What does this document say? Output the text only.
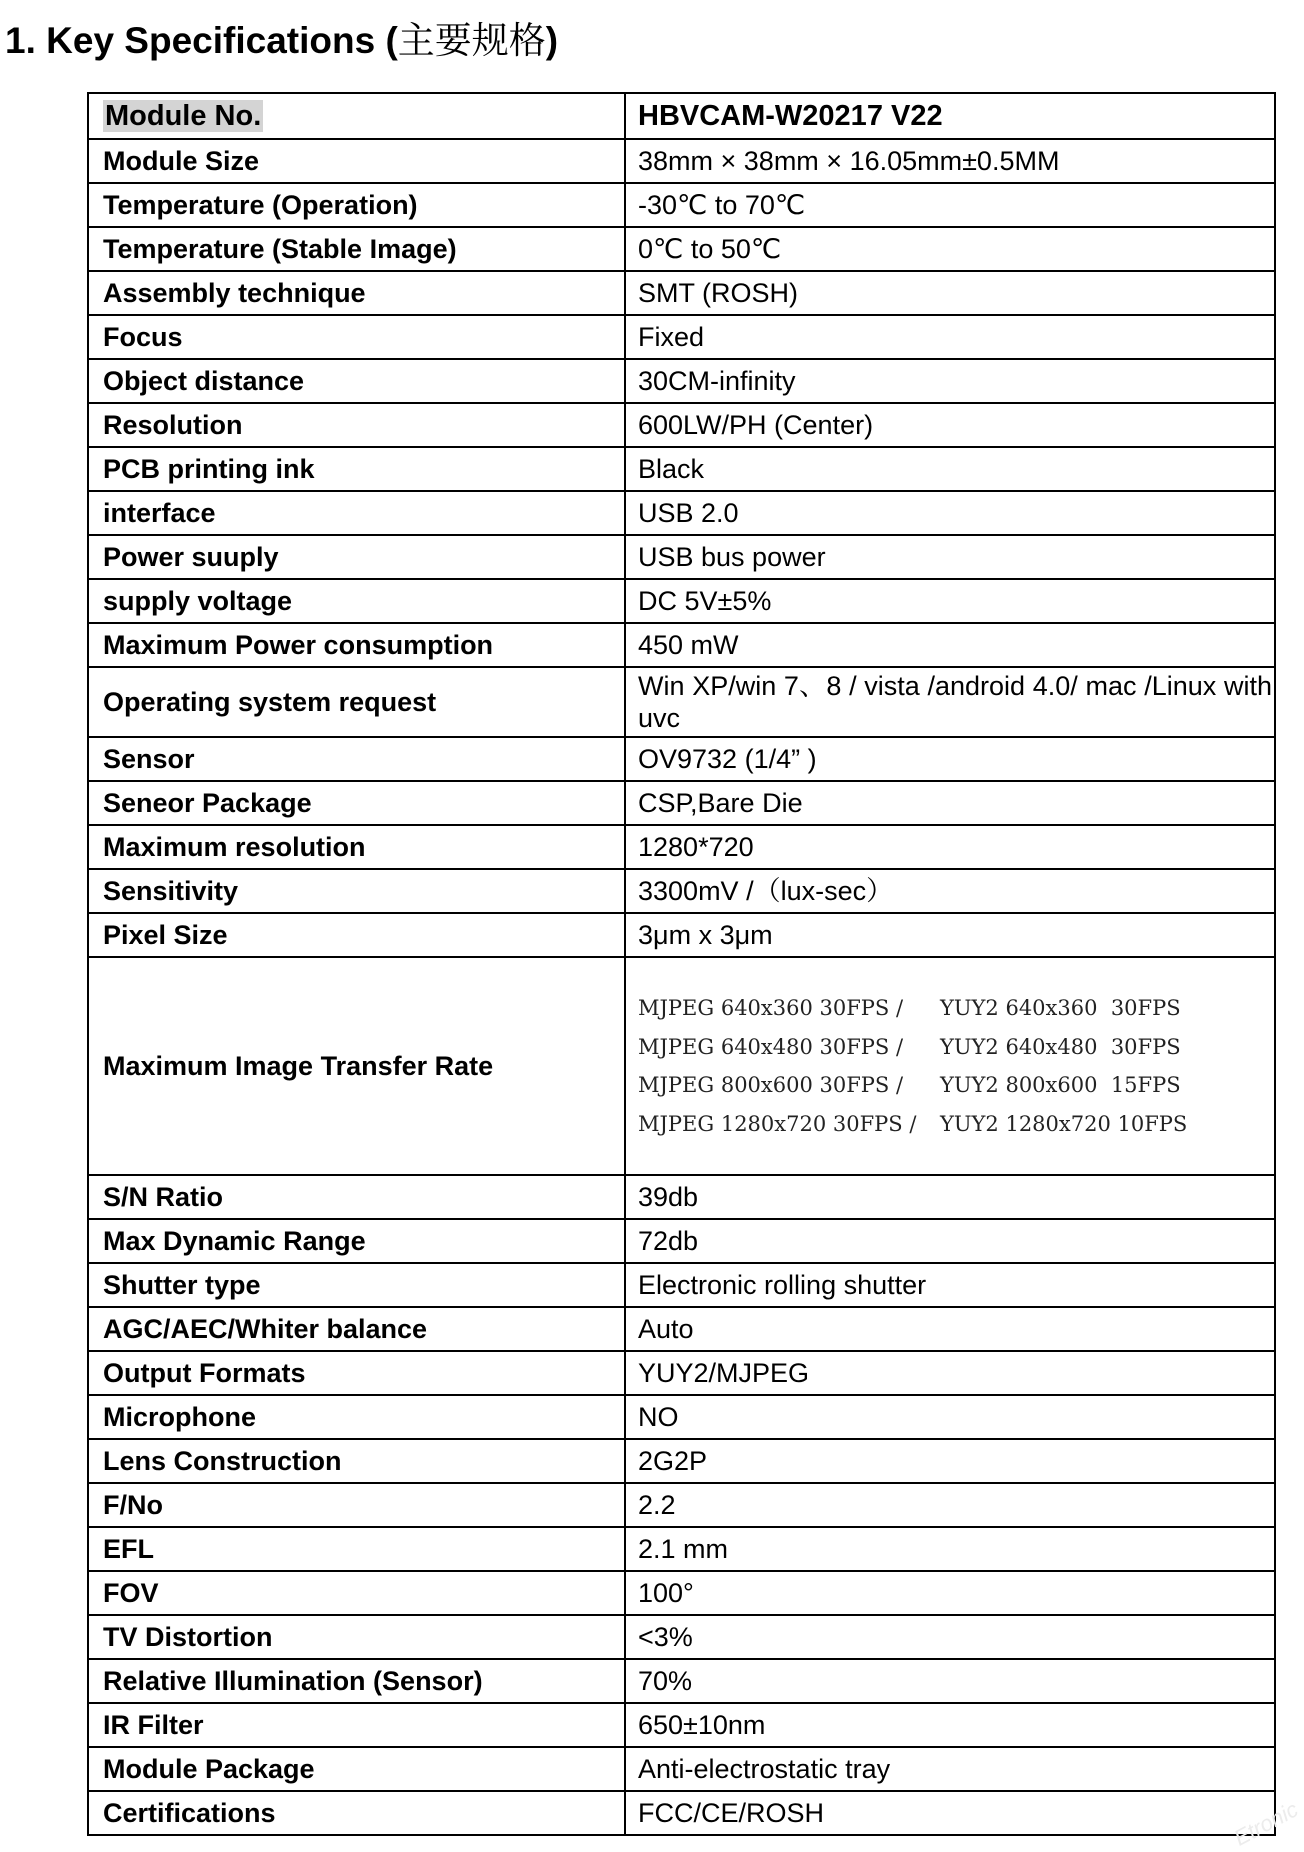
1. Key Specifications (主要规格)
Module No.	HBVCAM-W20217 V22
Module Size	38mm × 38mm × 16.05mm±0.5MM
Temperature (Operation)	-30℃ to 70℃
Temperature (Stable Image)	0℃ to 50℃
Assembly technique	SMT (ROSH)
Focus	Fixed
Object distance	30CM-infinity
Resolution	600LW/PH (Center)
PCB printing ink	Black
interface	USB 2.0
Power suuply	USB bus power
supply voltage	DC 5V±5%
Maximum Power consumption	450 mW
Operating system request	Win XP/win 7、8 / vista /android 4.0/ mac /Linux with uvc
Sensor	OV9732 (1/4” )
Seneor Package	CSP,Bare Die
Maximum resolution	1280*720
Sensitivity	3300mV /（lux-sec）
Pixel Size	3μm x 3μm
Maximum Image Transfer Rate	MJPEG 640x360 30FPS / YUY2 640x360  30FPS
MJPEG 640x480 30FPS / YUY2 640x480  30FPS
MJPEG 800x600 30FPS / YUY2 800x600  15FPS
MJPEG 1280x720 30FPS / YUY2 1280x720 10FPS

S/N Ratio	39db
Max Dynamic Range	72db
Shutter type	Electronic rolling shutter
AGC/AEC/Whiter balance	Auto
Output Formats	YUY2/MJPEG
Microphone	NO
Lens Construction	2G2P
F/No	2.2
EFL	2.1 mm
FOV	100°
TV Distortion	<3%
Relative Illumination (Sensor)	70%
IR Filter	650±10nm
Module Package	Anti-electrostatic tray
Certifications	FCC/CE/ROSH	Etronic
